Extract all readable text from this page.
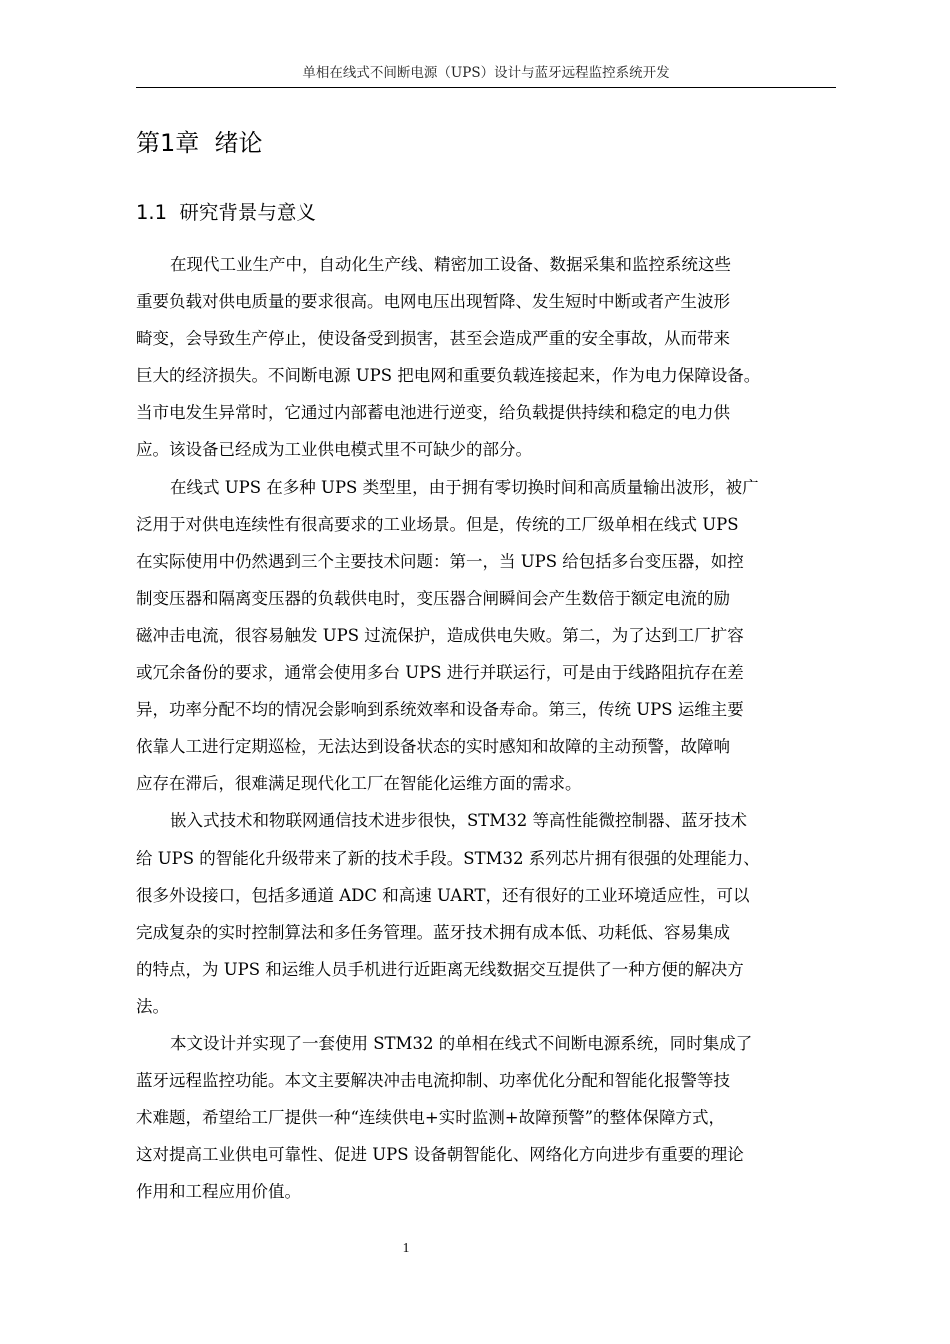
单相在线式不间断电源（UPS）设计与蓝牙远程监控系统开发
第1章  绪论
1.1  研究背景与意义
在现代工业生产中，自动化生产线、精密加工设备、数据采集和监控系统这些
重要负载对供电质量的要求很高。电网电压出现暂降、发生短时中断或者产生波形
畸变，会导致生产停止，使设备受到损害，甚至会造成严重的安全事故，从而带来
巨大的经济损失。不间断电源 UPS 把电网和重要负载连接起来，作为电力保障设备。
当市电发生异常时，它通过内部蓄电池进行逆变，给负载提供持续和稳定的电力供
应。该设备已经成为工业供电模式里不可缺少的部分。
在线式 UPS 在多种 UPS 类型里，由于拥有零切换时间和高质量输出波形，被广
泛用于对供电连续性有很高要求的工业场景。但是，传统的工厂级单相在线式 UPS
在实际使用中仍然遇到三个主要技术问题：第一，当 UPS 给包括多台变压器，如控
制变压器和隔离变压器的负载供电时，变压器合闸瞬间会产生数倍于额定电流的励
磁冲击电流，很容易触发 UPS 过流保护，造成供电失败。第二，为了达到工厂扩容
或冗余备份的要求，通常会使用多台 UPS 进行并联运行，可是由于线路阻抗存在差
异，功率分配不均的情况会影响到系统效率和设备寿命。第三，传统 UPS 运维主要
依靠人工进行定期巡检，无法达到设备状态的实时感知和故障的主动预警，故障响
应存在滞后，很难满足现代化工厂在智能化运维方面的需求。
嵌入式技术和物联网通信技术进步很快，STM32 等高性能微控制器、蓝牙技术
给 UPS 的智能化升级带来了新的技术手段。STM32 系列芯片拥有很强的处理能力、
很多外设接口，包括多通道 ADC 和高速 UART，还有很好的工业环境适应性，可以
完成复杂的实时控制算法和多任务管理。蓝牙技术拥有成本低、功耗低、容易集成
的特点，为 UPS 和运维人员手机进行近距离无线数据交互提供了一种方便的解决方
法。
本文设计并实现了一套使用 STM32 的单相在线式不间断电源系统，同时集成了
蓝牙远程监控功能。本文主要解决冲击电流抑制、功率优化分配和智能化报警等技
术难题，希望给工厂提供一种“连续供电+实时监测+故障预警”的整体保障方式，
这对提高工业供电可靠性、促进 UPS 设备朝智能化、网络化方向进步有重要的理论
作用和工程应用价值。
1
